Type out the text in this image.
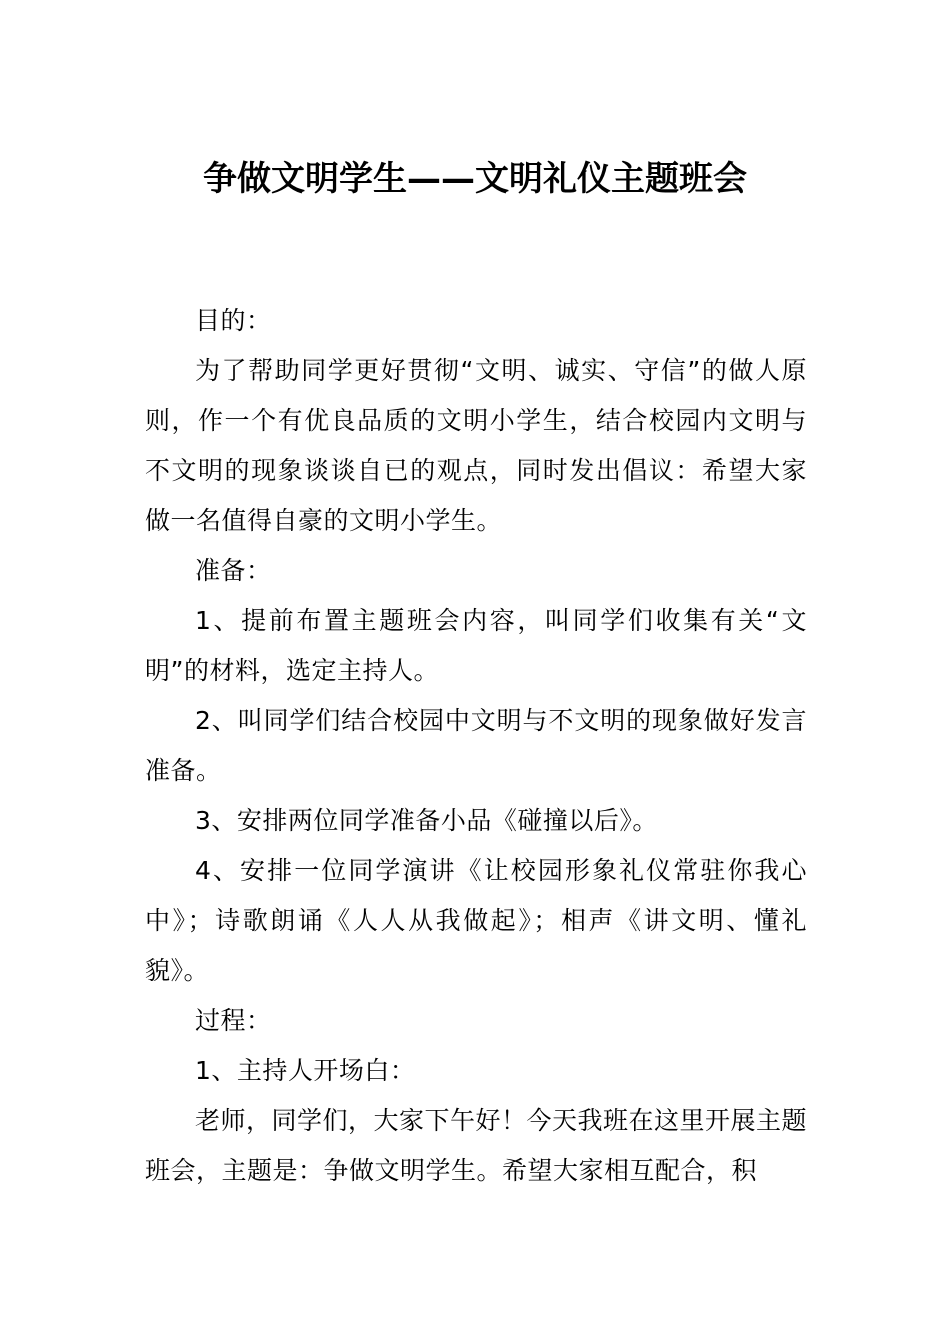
争做文明学生——文明礼仪主题班会

目的：

为了帮助同学更好贯彻“文明、诚实、守信”的做人原则，作一个有优良品质的文明小学生，结合校园内文明与不文明的现象谈谈自已的观点，同时发出倡议：希望大家做一名值得自豪的文明小学生。

准备：

1、提前布置主题班会内容，叫同学们收集有关“文明”的材料，选定主持人。

2、叫同学们结合校园中文明与不文明的现象做好发言准备。

3、安排两位同学准备小品《碰撞以后》。

4、安排一位同学演讲《让校园形象礼仪常驻你我心中》；诗歌朗诵《人人从我做起》；相声《讲文明、懂礼貌》。

过程：

1、主持人开场白：

老师，同学们，大家下午好！今天我班在这里开展主题班会，主题是：争做文明学生。希望大家相互配合，积
